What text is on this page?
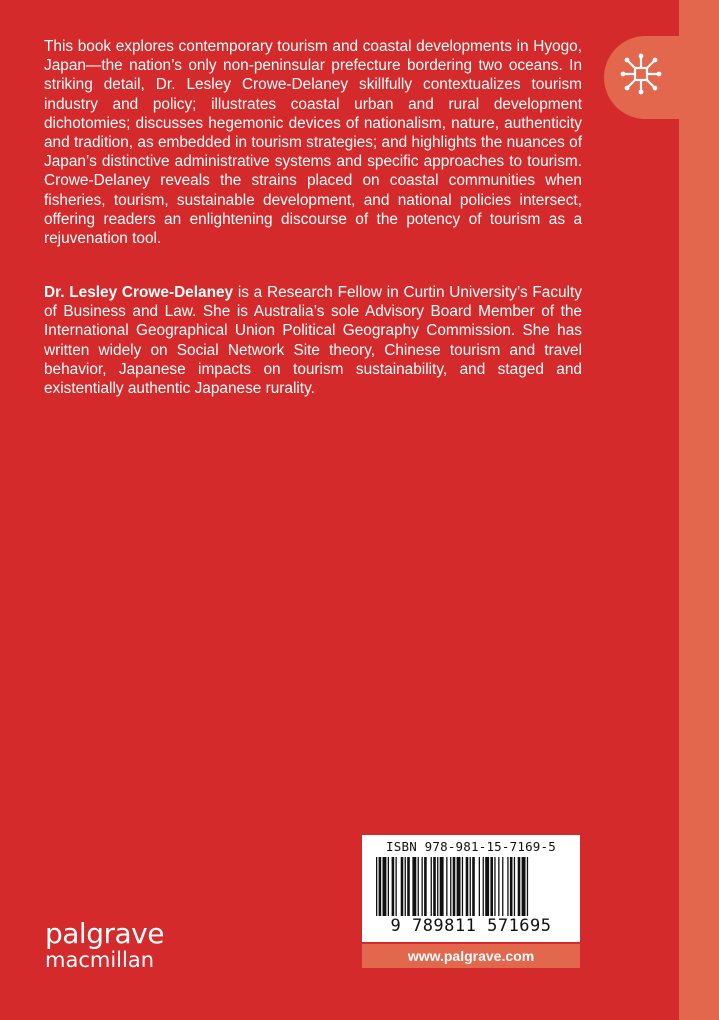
This book explores contemporary tourism and coastal developments in Hyogo, Japan—the nation’s only non-peninsular prefecture bordering two oceans. In striking detail, Dr. Lesley Crowe-Delaney skillfully contextualizes tourism industry and policy; illustrates coastal urban and rural development dichotomies; discusses hegemonic devices of nationalism, nature, authenticity and tradition, as embedded in tourism strategies; and highlights the nuances of Japan’s distinctive administrative systems and specific approaches to tourism. Crowe-Delaney reveals the strains placed on coastal communities when fisheries, tourism, sustainable development, and national policies intersect, offering readers an enlightening discourse of the potency of tourism as a rejuvenation tool.

Dr. Lesley Crowe-Delaney is a Research Fellow in Curtin University’s Faculty of Business and Law. She is Australia’s sole Advisory Board Member of the International Geographical Union Political Geography Commission. She has written widely on Social Network Site theory, Chinese tourism and travel behavior, Japanese impacts on tourism sustainability, and staged and existentially authentic Japanese rurality.

ISBN 978-981-15-7169-5
9 789811 571695
www.palgrave.com
palgrave
macmillan
